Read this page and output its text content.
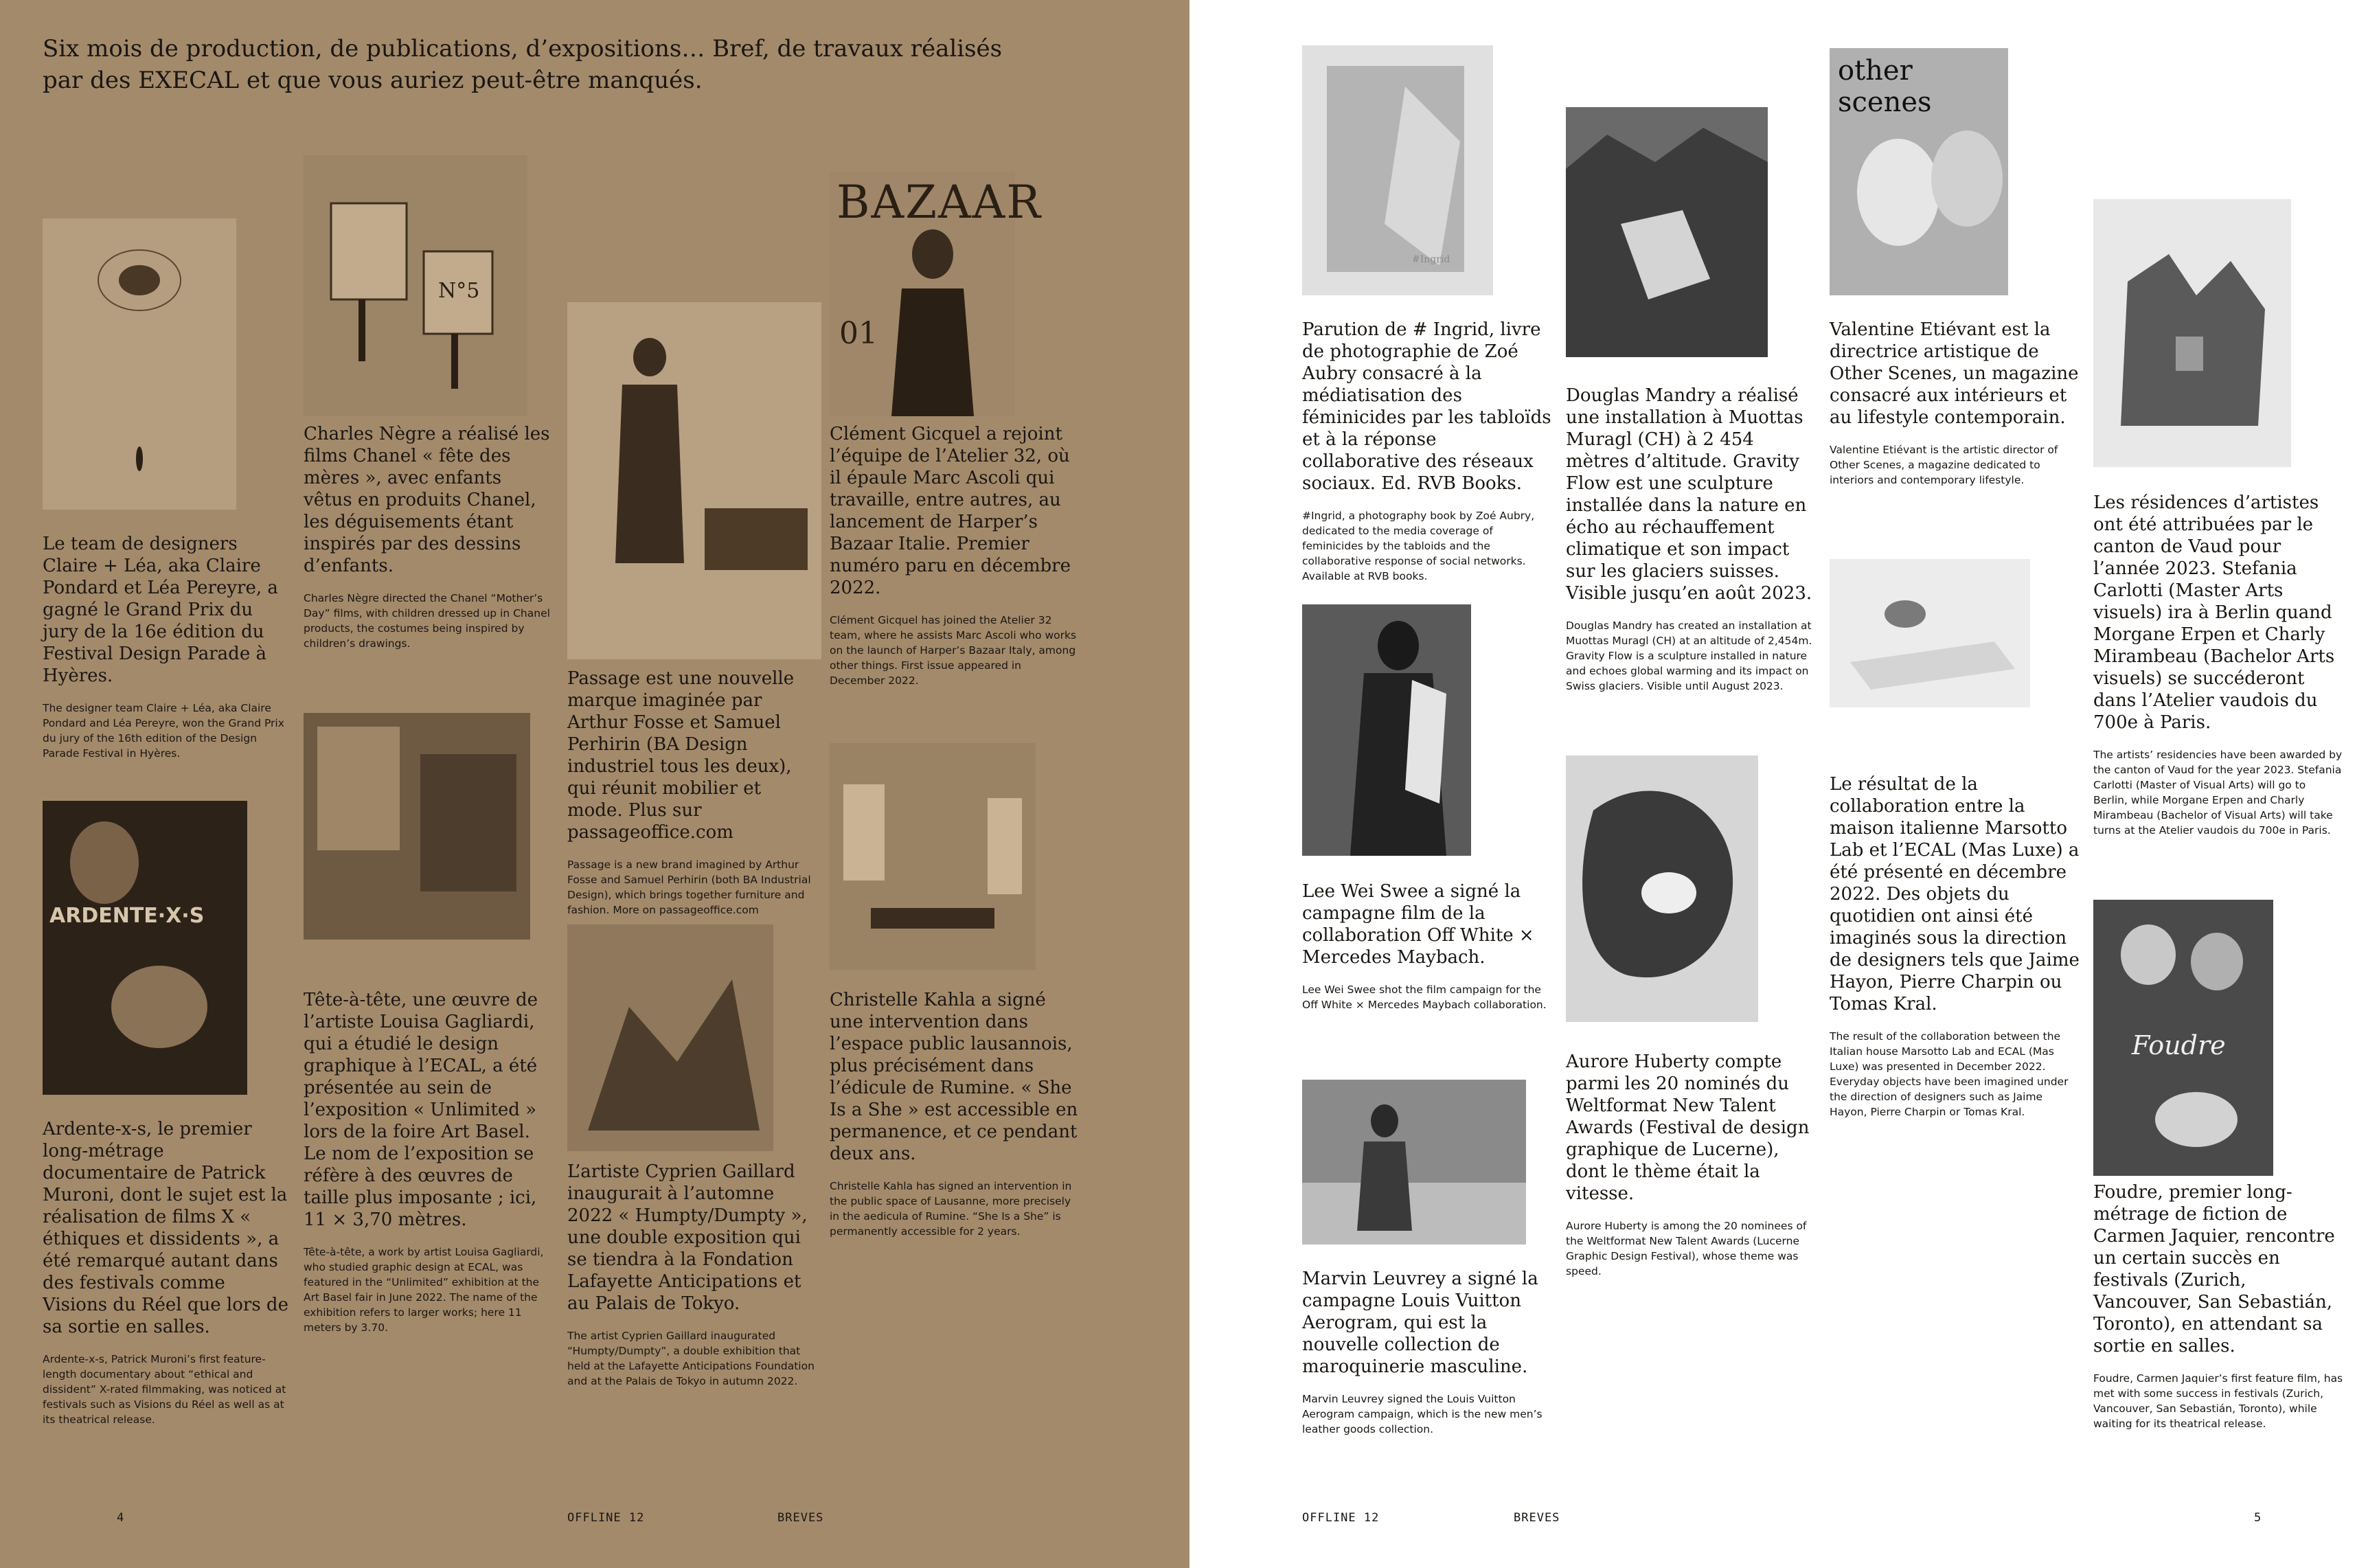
Six mois de production, de publications, d’expositions… Bref, de travaux réalisés par des EXECAL et que vous auriez peut-être manqués.

N°5
BAZAAR
01
ARDENTE·X·S
#Ingrid
other scenes
Foudre

Le team de designers Claire + Léa, aka Claire Pondard et Léa Pereyre, a gagné le Grand Prix du jury de la 16e édition du Festival Design Parade à Hyères.

The designer team Claire + Léa, aka Claire Pondard and Léa Pereyre, won the Grand Prix du jury of the 16th edition of the Design Parade Festival in Hyères.

Charles Nègre a réalisé les films Chanel « fête des mères », avec enfants vêtus en produits Chanel, les déguisements étant inspirés par des dessins d’enfants.

Charles Nègre directed the Chanel “Mother’s Day” films, with children dressed up in Chanel products, the costumes being inspired by children’s drawings.

Passage est une nouvelle marque imaginée par Arthur Fosse et Samuel Perhirin (BA Design industriel tous les deux), qui réunit mobilier et mode. Plus sur passageoffice.com

Passage is a new brand imagined by Arthur Fosse and Samuel Perhirin (both BA Industrial Design), which brings together furniture and fashion. More on passageoffice.com

Clément Gicquel a rejoint l’équipe de l’Atelier 32, où il épaule Marc Ascoli qui travaille, entre autres, au lancement de Harper’s Bazaar Italie. Premier numéro paru en décembre 2022.

Clément Gicquel has joined the Atelier 32 team, where he assists Marc Ascoli who works on the launch of Harper’s Bazaar Italy, among other things. First issue appeared in December 2022.

Ardente-x-s, le premier long-métrage documentaire de Patrick Muroni, dont le sujet est la réalisation de films X « éthiques et dissidents », a été remarqué autant dans des festivals comme Visions du Réel que lors de sa sortie en salles.

Ardente-x-s, Patrick Muroni’s first feature-length documentary about “ethical and dissident” X-rated filmmaking, was noticed at festivals such as Visions du Réel as well as at its theatrical release.

Tête-à-tête, une œuvre de l’artiste Louisa Gagliardi, qui a étudié le design graphique à l’ECAL, a été présentée au sein de l’exposition « Unlimited » lors de la foire Art Basel. Le nom de l’exposition se réfère à des œuvres de taille plus imposante ; ici, 11 × 3,70 mètres.

Tête-à-tête, a work by artist Louisa Gagliardi, who studied graphic design at ECAL, was featured in the “Unlimited” exhibition at the Art Basel fair in June 2022. The name of the exhibition refers to larger works; here 11 meters by 3.70.

L’artiste Cyprien Gaillard inaugurait à l’automne 2022 « Humpty/Dumpty », une double exposition qui se tiendra à la Fondation Lafayette Anticipations et au Palais de Tokyo.

The artist Cyprien Gaillard inaugurated “Humpty/Dumpty”, a double exhibition that held at the Lafayette Anticipations Foundation and at the Palais de Tokyo in autumn 2022.

Christelle Kahla a signé une intervention dans l’espace public lausannois, plus précisément dans l’édicule de Rumine. « She Is a She » est accessible en permanence, et ce pendant deux ans.

Christelle Kahla has signed an intervention in the public space of Lausanne, more precisely in the aedicula of Rumine. “She Is a She” is permanently accessible for 2 years.

Parution de # Ingrid, livre de photographie de Zoé Aubry consacré à la médiatisation des féminicides par les tabloïds et à la réponse collaborative des réseaux sociaux. Ed. RVB Books.

#Ingrid, a photography book by Zoé Aubry, dedicated to the media coverage of feminicides by the tabloids and the collaborative response of social networks. Available at RVB books.

Douglas Mandry a réalisé une installation à Muottas Muragl (CH) à 2 454 mètres d’altitude. Gravity Flow est une sculpture installée dans la nature en écho au réchauffement climatique et son impact sur les glaciers suisses. Visible jusqu’en août 2023.

Douglas Mandry has created an installation at Muottas Muragl (CH) at an altitude of 2,454m. Gravity Flow is a sculpture installed in nature and echoes global warming and its impact on Swiss glaciers. Visible until August 2023.

Valentine Etiévant est la directrice artistique de Other Scenes, un magazine consacré aux intérieurs et au lifestyle contemporain.

Valentine Etiévant is the artistic director of Other Scenes, a magazine dedicated to interiors and contemporary lifestyle.

Les résidences d’artistes ont été attribuées par le canton de Vaud pour l’année 2023. Stefania Carlotti (Master Arts visuels) ira à Berlin quand Morgane Erpen et Charly Mirambeau (Bachelor Arts visuels) se succéderont dans l’Atelier vaudois du 700e à Paris.

The artists’ residencies have been awarded by the canton of Vaud for the year 2023. Stefania Carlotti (Master of Visual Arts) will go to Berlin, while Morgane Erpen and Charly Mirambeau (Bachelor of Visual Arts) will take turns at the Atelier vaudois du 700e in Paris.

Lee Wei Swee a signé la campagne film de la collaboration Off White × Mercedes Maybach.

Lee Wei Swee shot the film campaign for the Off White × Mercedes Maybach collaboration.

Le résultat de la collaboration entre la maison italienne Marsotto Lab et l’ECAL (Mas Luxe) a été présenté en décembre 2022. Des objets du quotidien ont ainsi été imaginés sous la direction de designers tels que Jaime Hayon, Pierre Charpin ou Tomas Kral.

The result of the collaboration between the Italian house Marsotto Lab and ECAL (Mas Luxe) was presented in December 2022. Everyday objects have been imagined under the direction of designers such as Jaime Hayon, Pierre Charpin or Tomas Kral.

Aurore Huberty compte parmi les 20 nominés du Weltformat New Talent Awards (Festival de design graphique de Lucerne), dont le thème était la vitesse.

Aurore Huberty is among the 20 nominees of the Weltformat New Talent Awards (Lucerne Graphic Design Festival), whose theme was speed.

Marvin Leuvrey a signé la campagne Louis Vuitton Aerogram, qui est la nouvelle collection de maroquinerie masculine.

Marvin Leuvrey signed the Louis Vuitton Aerogram campaign, which is the new men’s leather goods collection.

Foudre, premier long-métrage de fiction de Carmen Jaquier, rencontre un certain succès en festivals (Zurich, Vancouver, San Sebastián, Toronto), en attendant sa sortie en salles.

Foudre, Carmen Jaquier’s first feature film, has met with some success in festivals (Zurich, Vancouver, San Sebastián, Toronto), while waiting for its theatrical release.

4	OFFLINE 12	BREVES	OFFLINE 12	BREVES	5
